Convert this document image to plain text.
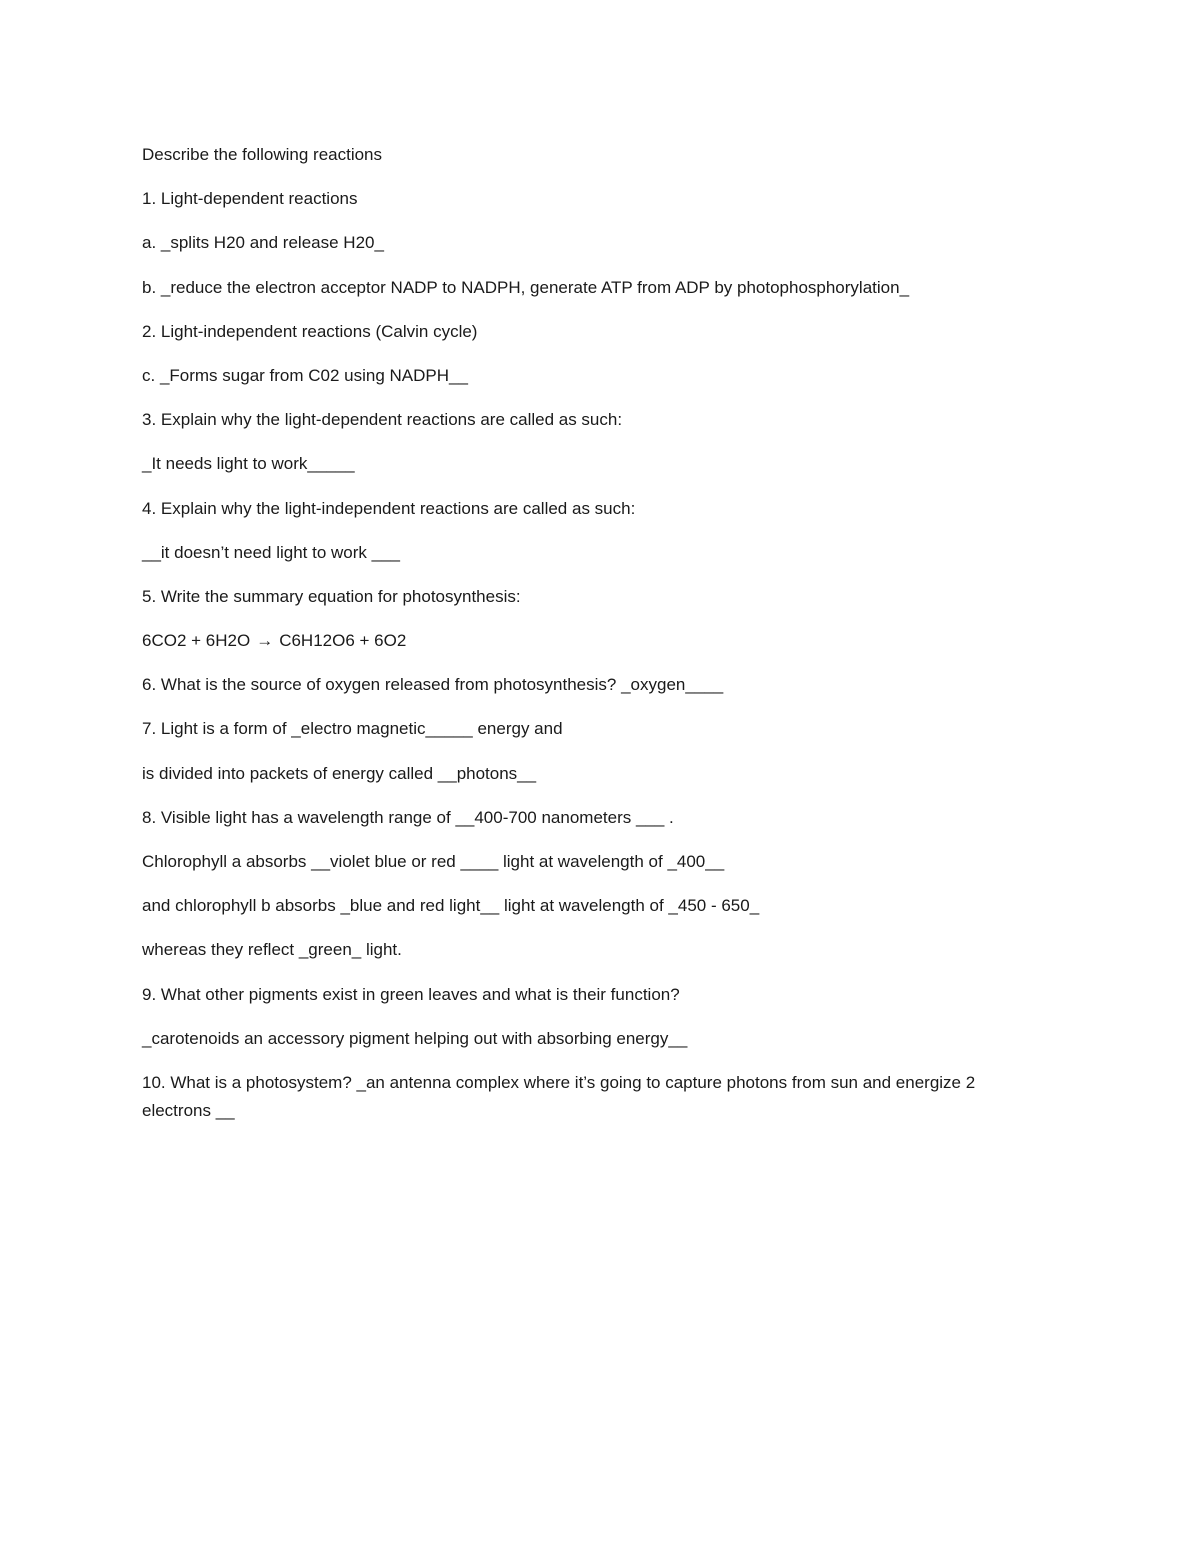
Describe the following reactions
1. Light-dependent reactions
a. _splits H20 and release H20_
b. _reduce the electron acceptor NADP to NADPH, generate ATP from ADP by photophosphorylation_
2. Light-independent reactions (Calvin cycle)
c. _Forms sugar from C02 using NADPH__
3. Explain why the light-dependent reactions are called as such:
_It needs light to work_____
4. Explain why the light-independent reactions are called as such:
__it doesn’t need light to work ___
5. Write the summary equation for photosynthesis:
6CO2 + 6H2O → C6H12O6 + 6O2
6. What is the source of oxygen released from photosynthesis? _oxygen____
7. Light is a form of _electro magnetic_____ energy and
is divided into packets of energy called __photons__
8. Visible light has a wavelength range of __400-700 nanometers ___ .
Chlorophyll a absorbs __violet blue or red ____ light at wavelength of _400__
and chlorophyll b absorbs _blue and red light__ light at wavelength of _450 - 650_
whereas they reflect _green_ light.
9. What other pigments exist in green leaves and what is their function?
_carotenoids an accessory pigment helping out with absorbing energy__
10. What is a photosystem? _an antenna complex where it’s going to capture photons from sun and energize 2 electrons __
